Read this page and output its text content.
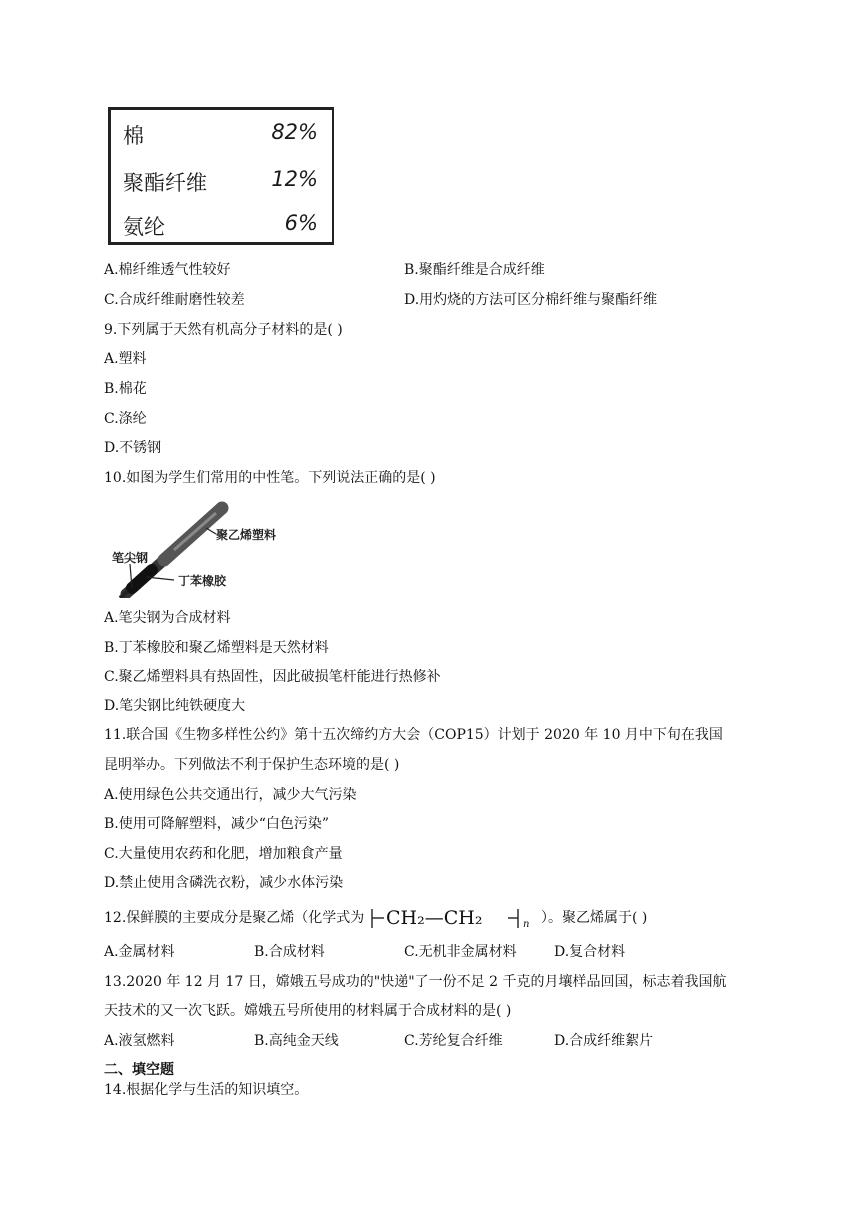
棉	82%
聚酯纤维	12%
氨纶	6%
A.棉纤维透气性较好	B.聚酯纤维是合成纤维
C.合成纤维耐磨性较差	D.用灼烧的方法可区分棉纤维与聚酯纤维
9.下列属于天然有机高分子材料的是( )
A.塑料
B.棉花
C.涤纶
D.不锈钢
10.如图为学生们常用的中性笔。下列说法正确的是( )
聚乙烯塑料
笔尖钢
丁苯橡胶
A.笔尖钢为合成材料
B.丁苯橡胶和聚乙烯塑料是天然材料
C.聚乙烯塑料具有热固性，因此破损笔杆能进行热修补
D.笔尖钢比纯铁硬度大
11.联合国《生物多样性公约》第十五次缔约方大会（COP15）计划于 2020 年 10 月中下旬在我国
昆明举办。下列做法不利于保护生态环境的是( )
A.使用绿色公共交通出行，减少大气污染
B.使用可降解塑料，减少“白色污染”
C.大量使用农药和化肥，增加粮食产量
D.禁止使用含磷洗衣粉，减少水体污染
12.保鲜膜的主要成分是聚乙烯（化学式为 CH₂—CH₂	n ）。聚乙烯属于( )
A.金属材料	B.合成材料	C.无机非金属材料	D.复合材料
13.2020 年 12 月 17 日，嫦娥五号成功的"快递"了一份不足 2 千克的月壤样品回国，标志着我国航
天技术的又一次飞跃。嫦娥五号所使用的材料属于合成材料的是( )
A.液氢燃料	B.高纯金天线	C.芳纶复合纤维	D.合成纤维絮片
二、填空题
14.根据化学与生活的知识填空。
